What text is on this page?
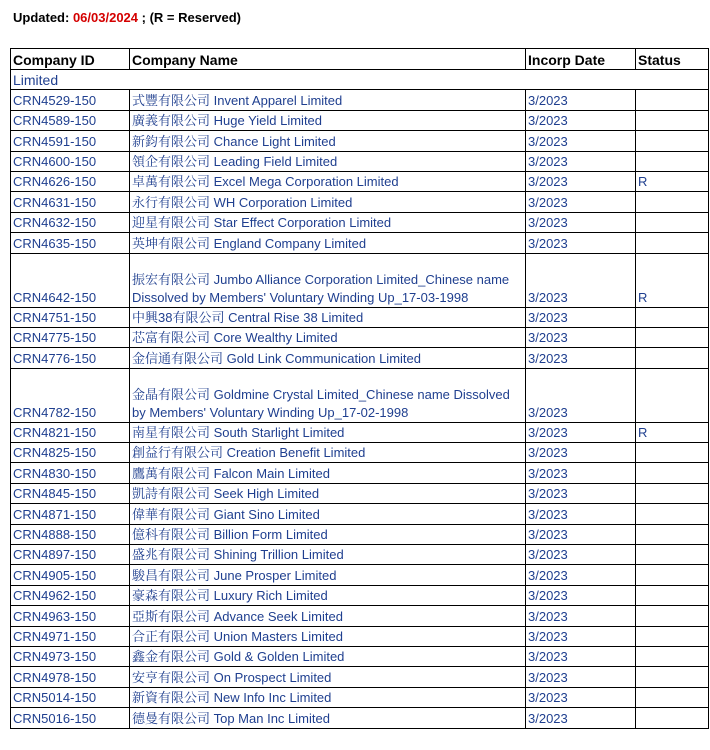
Updated: 06/03/2024 ; (R = Reserved)
Company ID	Company Name	Incorp Date	Status
Limited			
CRN4529-150	式豐有限公司 Invent Apparel Limited	3/2023	
CRN4589-150	廣義有限公司 Huge Yield Limited	3/2023	
CRN4591-150	新鈞有限公司 Chance Light Limited	3/2023	
CRN4600-150	領企有限公司 Leading Field Limited	3/2023	
CRN4626-150	卓萬有限公司 Excel Mega Corporation Limited	3/2023	R
CRN4631-150	永行有限公司 WH Corporation Limited	3/2023	
CRN4632-150	迎星有限公司 Star Effect Corporation Limited	3/2023	
CRN4635-150	英坤有限公司 England Company Limited	3/2023	
CRN4642-150	振宏有限公司 Jumbo Alliance Corporation Limited_Chinese name Dissolved by Members' Voluntary Winding Up_17-03-1998	3/2023	R
CRN4751-150	中興38有限公司 Central Rise 38 Limited	3/2023	
CRN4775-150	芯富有限公司 Core Wealthy Limited	3/2023	
CRN4776-150	金信通有限公司 Gold Link Communication Limited	3/2023	
CRN4782-150	金晶有限公司 Goldmine Crystal Limited_Chinese name Dissolved by Members' Voluntary Winding Up_17-02-1998	3/2023	
CRN4821-150	南星有限公司 South Starlight Limited	3/2023	R
CRN4825-150	創益行有限公司 Creation Benefit Limited	3/2023	
CRN4830-150	鷹萬有限公司 Falcon Main Limited	3/2023	
CRN4845-150	凱詩有限公司 Seek High Limited	3/2023	
CRN4871-150	偉華有限公司 Giant Sino Limited	3/2023	
CRN4888-150	億科有限公司 Billion Form Limited	3/2023	
CRN4897-150	盛兆有限公司 Shining Trillion Limited	3/2023	
CRN4905-150	駿昌有限公司 June Prosper Limited	3/2023	
CRN4962-150	豪森有限公司 Luxury Rich Limited	3/2023	
CRN4963-150	亞斯有限公司 Advance Seek Limited	3/2023	
CRN4971-150	合正有限公司 Union Masters Limited	3/2023	
CRN4973-150	鑫金有限公司 Gold & Golden Limited	3/2023	
CRN4978-150	安亨有限公司 On Prospect Limited	3/2023	
CRN5014-150	新資有限公司 New Info Inc Limited	3/2023	
CRN5016-150	德曼有限公司 Top Man Inc Limited	3/2023	
